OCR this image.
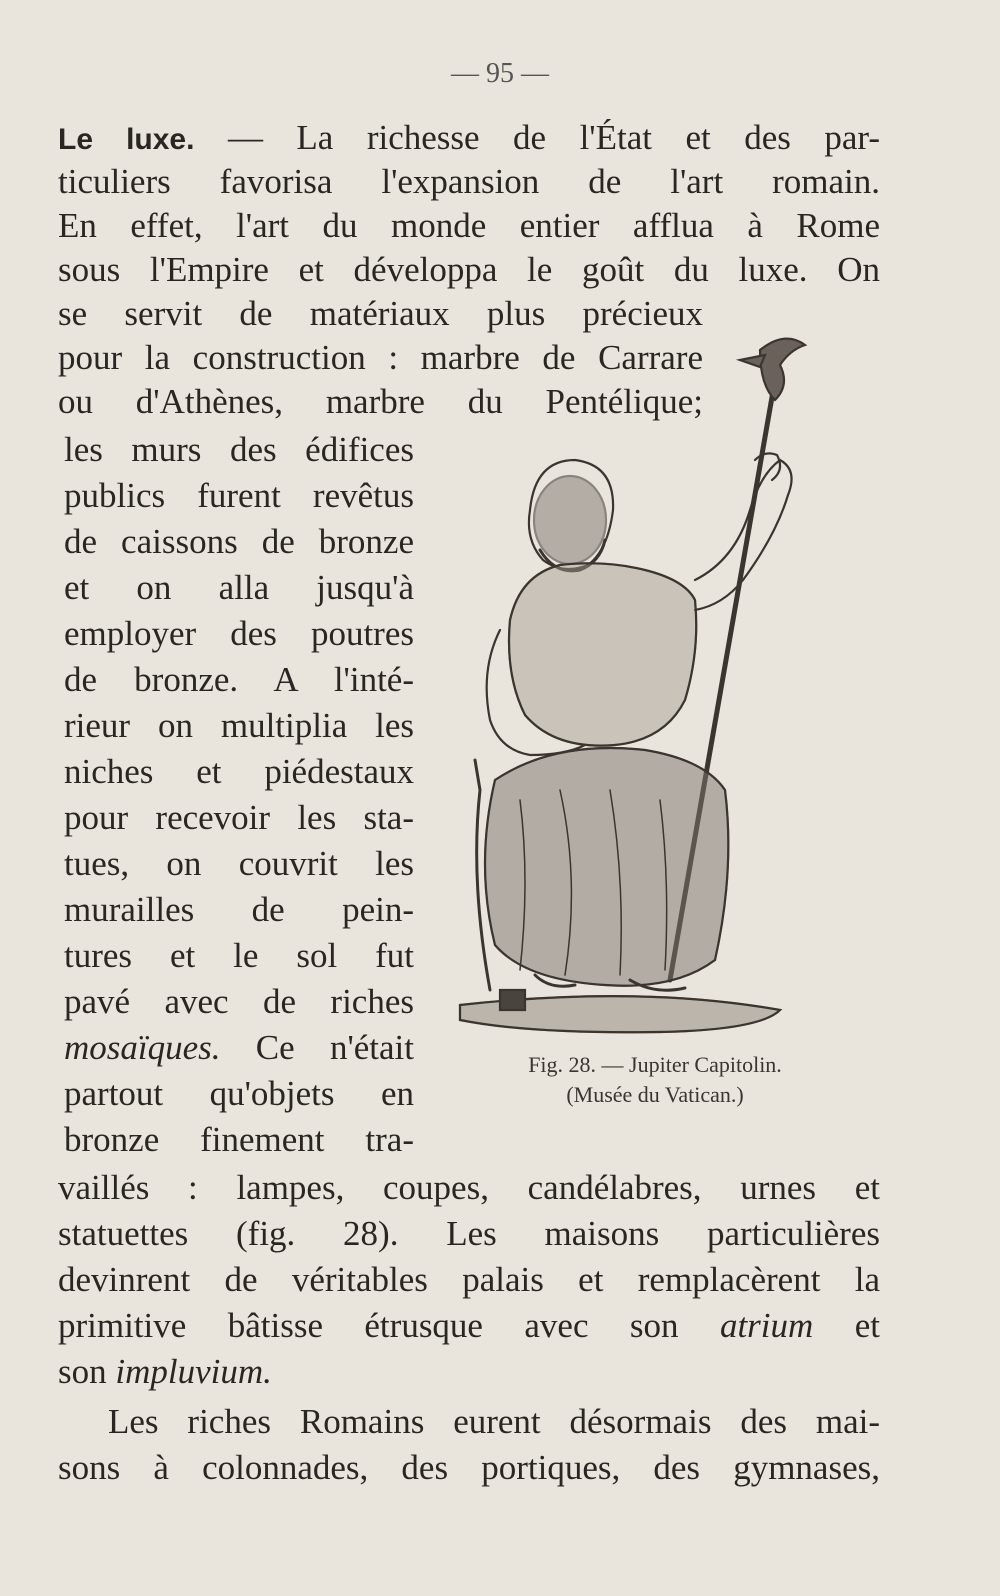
— 95 —
Le luxe. — La richesse de l'État et des par-
ticuliers favorisa l'expansion de l'art romain.
En effet, l'art du monde entier afflua à Rome
sous l'Empire et développa le goût du luxe. On
se servit de matériaux plus précieux
pour la construction : marbre de Carrare
ou d'Athènes, marbre du Pentélique;
les murs des édifices
publics furent revêtus
de caissons de bronze
et on alla jusqu'à
employer des poutres
de bronze. A l'inté-
rieur on multiplia les
niches et piédestaux
pour recevoir les sta-
tues, on couvrit les
murailles de pein-
tures et le sol fut
pavé avec de riches
mosaïques. Ce n'était
partout qu'objets en
bronze finement tra-
vaillés : lampes, coupes, candélabres, urnes et
statuettes (fig. 28). Les maisons particulières
devinrent de véritables palais et remplacèrent la
primitive bâtisse étrusque avec son atrium et
son impluvium.
Les riches Romains eurent désormais des mai-
sons à colonnades, des portiques, des gymnases,
Fig. 28. — Jupiter Capitolin.
(Musée du Vatican.)
